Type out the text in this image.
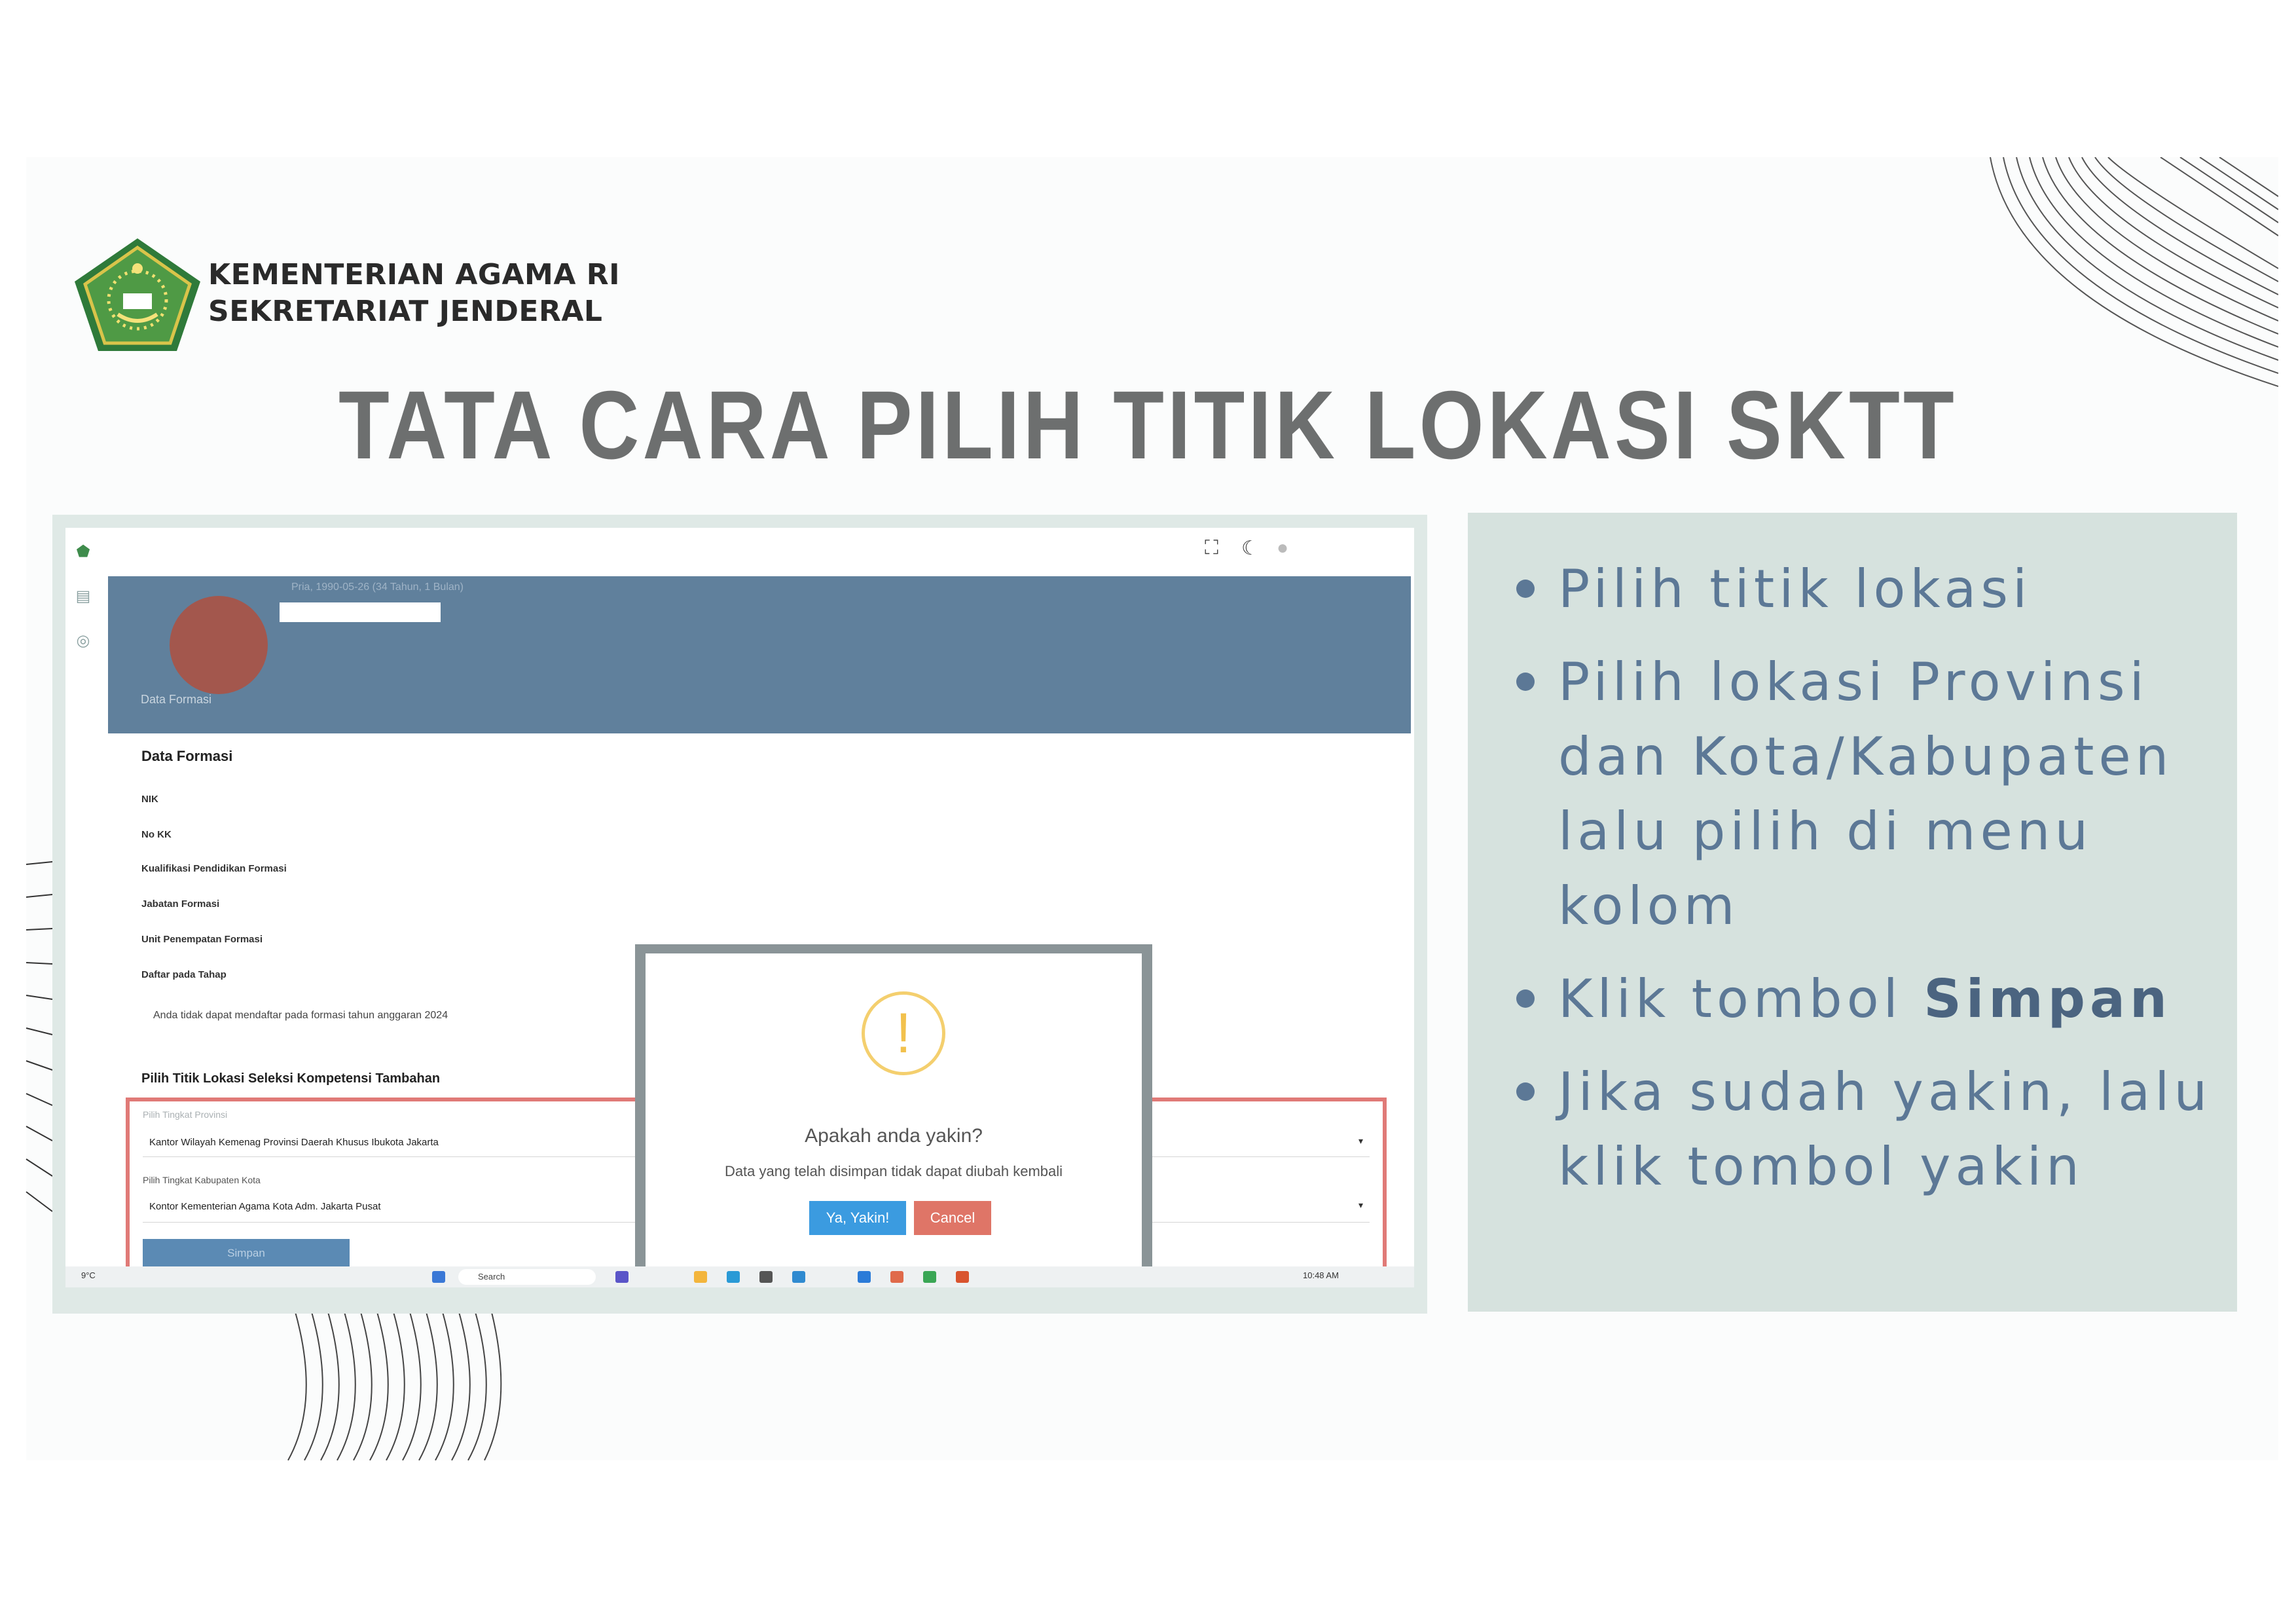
KEMENTERIAN AGAMA RI
SEKRETARIAT JENDERAL
TATA CARA PILIH TITIK LOKASI SKTT
⬟
▤
◎
⛶ ☾ ●
Pria, 1990-05-26 (34 Tahun, 1 Bulan)
Data Formasi
Data Formasi
NIK
No KK
Kualifikasi Pendidikan Formasi
Jabatan Formasi
Unit Penempatan Formasi
Daftar pada Tahap
Anda tidak dapat mendaftar pada formasi tahun anggaran 2024
Pilih Titik Lokasi Seleksi Kompetensi Tambahan
Pilih Tingkat Provinsi
Kantor Wilayah Kemenag Provinsi Daerah Khusus Ibukota Jakarta	▾
Pilih Tingkat Kabupaten Kota
Kontor Kementerian Agama Kota Adm. Jakarta Pusat	▾
Simpan
!
Apakah anda yakin?
Data yang telah disimpan tidak dapat diubah kembali
Ya, Yakin!	Cancel
9°C	Search	10:48 AM
Pilih titik lokasi
Pilih lokasi Provinsi dan Kota/Kabupaten lalu pilih di menu kolom
Klik tombol Simpan
Jika sudah yakin, lalu klik tombol yakin
